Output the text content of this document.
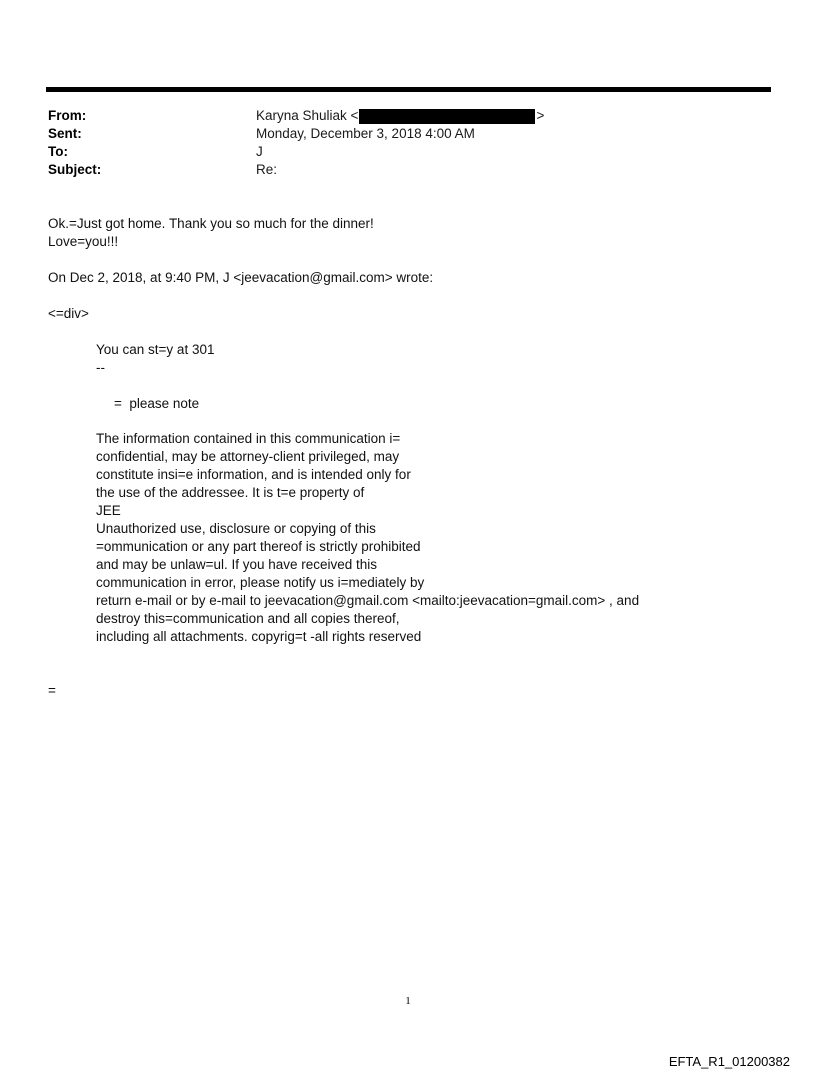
From:	Karyna Shuliak <	>
Sent:	Monday, December 3, 2018 4:00 AM
To:	J
Subject:	Re:
Ok.=Just got home. Thank you so much for the dinner!
Love=you!!!
On Dec 2, 2018, at 9:40 PM, J <jeevacation@gmail.com> wrote:
<=div>
You can st=y at 301
--
=  please note
The information contained in this communication i=
confidential, may be attorney-client privileged, may
constitute insi=e information, and is intended only for
the use of the addressee. It is t=e property of
JEE
Unauthorized use, disclosure or copying of this
=ommunication or any part thereof is strictly prohibited
and may be unlaw=ul. If you have received this
communication in error, please notify us i=mediately by
return e-mail or by e-mail to jeevacation@gmail.com <mailto:jeevacation=gmail.com> , and
destroy this=communication and all copies thereof,
including all attachments. copyrig=t -all rights reserved
=
1
EFTA_R1_01200382
